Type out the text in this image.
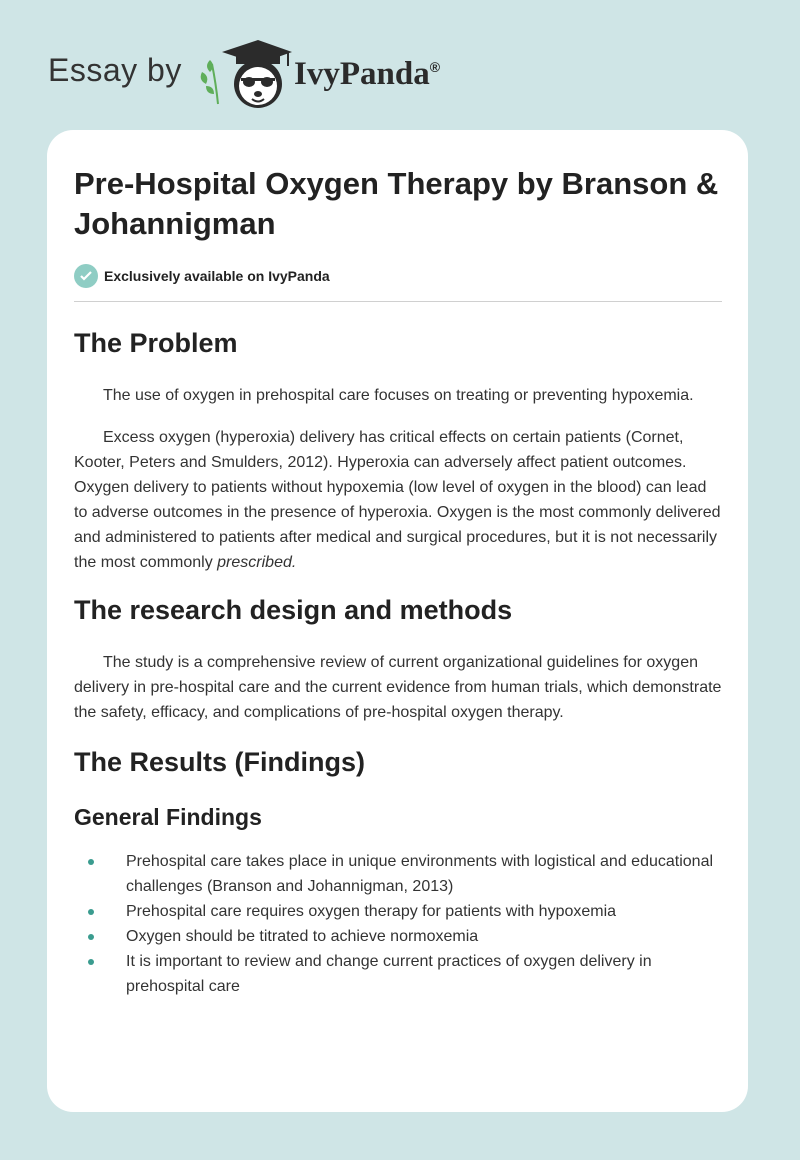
Essay by	IvyPanda®
Pre-Hospital Oxygen Therapy by Branson & Johannigman
Exclusively available on IvyPanda
The Problem

The use of oxygen in prehospital care focuses on treating or preventing hypoxemia.

Excess oxygen (hyperoxia) delivery has critical effects on certain patients (Cornet, Kooter, Peters and Smulders, 2012). Hyperoxia can adversely affect patient outcomes. Oxygen delivery to patients without hypoxemia (low level of oxygen in the blood) can lead to adverse outcomes in the presence of hyperoxia. Oxygen is the most commonly delivered and administered to patients after medical and surgical procedures, but it is not necessarily the most commonly prescribed.

The research design and methods

The study is a comprehensive review of current organizational guidelines for oxygen delivery in pre-hospital care and the current evidence from human trials, which demonstrate the safety, efficacy, and complications of pre-hospital oxygen therapy.

The Results (Findings)
General Findings
Prehospital care takes place in unique environments with logistical and educational challenges (Branson and Johannigman, 2013)
Prehospital care requires oxygen therapy for patients with hypoxemia
Oxygen should be titrated to achieve normoxemia
It is important to review and change current practices of oxygen delivery in prehospital care
